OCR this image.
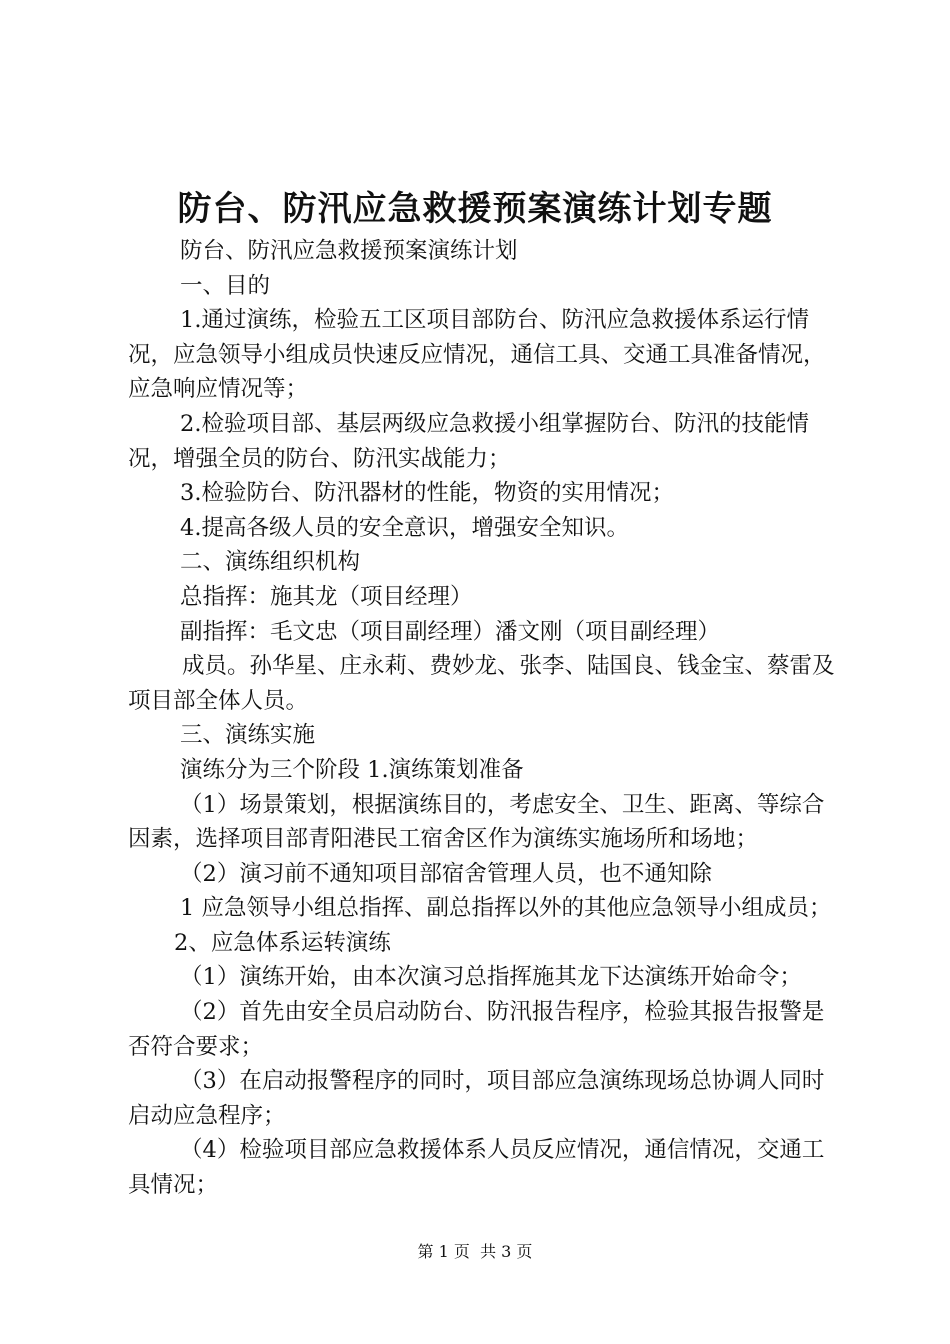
防台、防汛应急救援预案演练计划专题

防台、防汛应急救援预案演练计划

一、目的

1.通过演练，检验五工区项目部防台、防汛应急救援体系运行情况，应急领导小组成员快速反应情况，通信工具、交通工具准备情况，应急响应情况等；

2.检验项目部、基层两级应急救援小组掌握防台、防汛的技能情况，增强全员的防台、防汛实战能力；

3.检验防台、防汛器材的性能，物资的实用情况；

4.提高各级人员的安全意识，增强安全知识。

二、演练组织机构

总指挥：施其龙（项目经理）

副指挥：毛文忠（项目副经理）潘文刚（项目副经理）

成员。孙华星、庄永莉、费妙龙、张李、陆国良、钱金宝、蔡雷及项目部全体人员。

三、演练实施

演练分为三个阶段 1.演练策划准备

（1）场景策划，根据演练目的，考虑安全、卫生、距离、等综合因素，选择项目部青阳港民工宿舍区作为演练实施场所和场地；

（2）演习前不通知项目部宿舍管理人员，也不通知除

1 应急领导小组总指挥、副总指挥以外的其他应急领导小组成员；

2、应急体系运转演练

（1）演练开始，由本次演习总指挥施其龙下达演练开始命令；

（2）首先由安全员启动防台、防汛报告程序，检验其报告报警是否符合要求；

（3）在启动报警程序的同时，项目部应急演练现场总协调人同时启动应急程序；

（4）检验项目部应急救援体系人员反应情况，通信情况，交通工具情况；

第 1 页  共 3 页
